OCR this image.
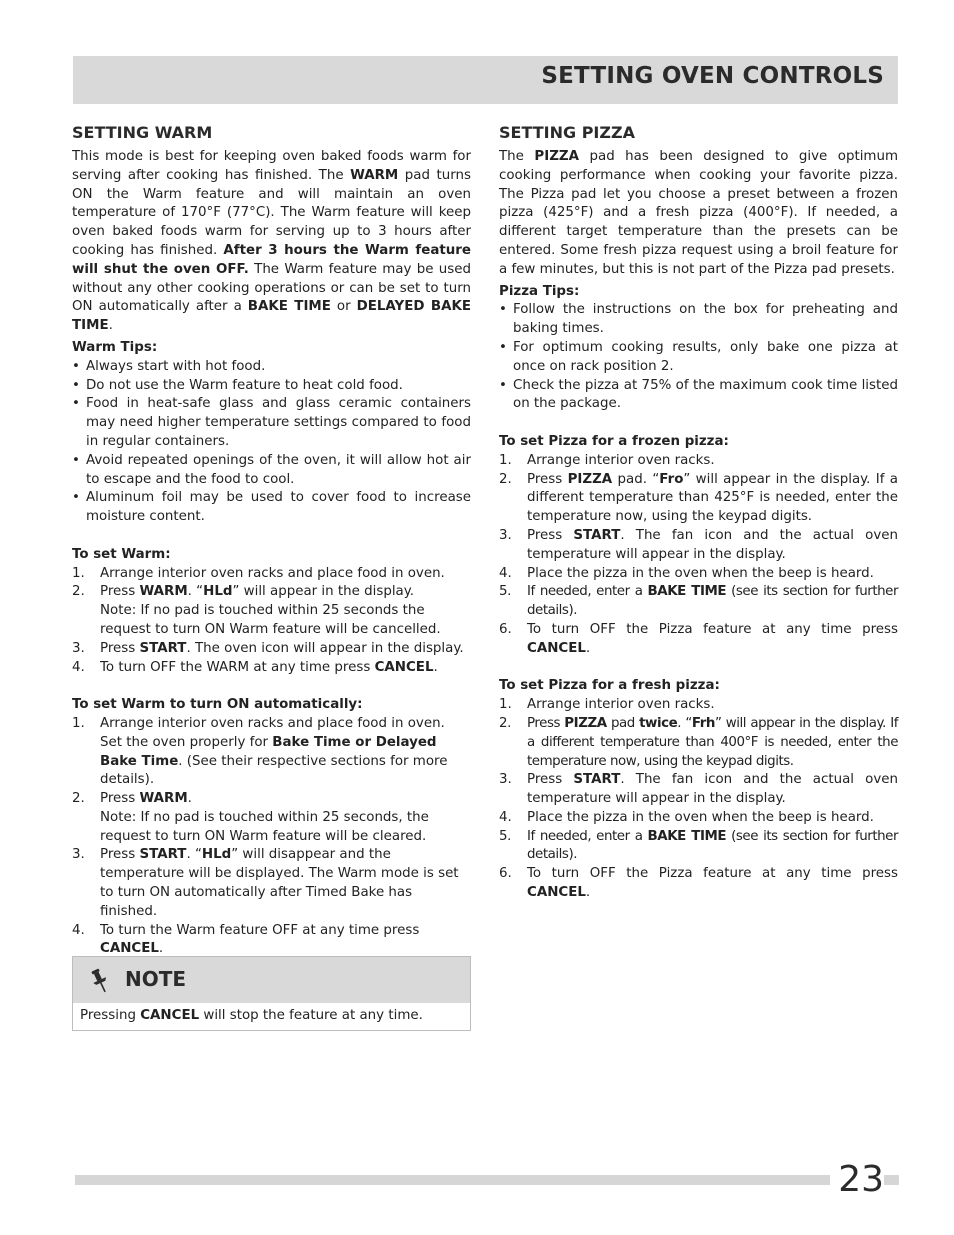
SETTING OVEN CONTROLS
SETTING WARM

This mode is best for keeping oven baked foods warm for serving after cooking has finished. The WARM pad turns ON the Warm feature and will maintain an oven temperature of 170°F (77°C). The Warm feature will keep oven baked foods warm for serving up to 3 hours after cooking has finished. After 3 hours the Warm feature will shut the oven OFF. The Warm feature may be used without any other cooking operations or can be set to turn ON automatically after a BAKE TIME or DELAYED BAKE TIME.

Warm Tips:
• Always start with hot food.
• Do not use the Warm feature to heat cold food.
• Food in heat-safe glass and glass ceramic containers may need higher temperature settings compared to food in regular containers.
• Avoid repeated openings of the oven, it will allow hot air to escape and the food to cool.
• Aluminum foil may be used to cover food to increase moisture content.
To set Warm:
1. Arrange interior oven racks and place food in oven.
2. Press WARM. “HLd” will appear in the display.
Note: If no pad is touched within 25 seconds the request to turn ON Warm feature will be cancelled.
3. Press START. The oven icon will appear in the display.
4. To turn OFF the WARM at any time press CANCEL.
To set Warm to turn ON automatically:
1. Arrange interior oven racks and place food in oven. Set the oven properly for Bake Time or Delayed Bake Time. (See their respective sections for more details).
2. Press WARM.
Note: If no pad is touched within 25 seconds, the request to turn ON Warm feature will be cleared.
3. Press START. “HLd” will disappear and the temperature will be displayed. The Warm mode is set to turn ON automatically after Timed Bake has finished.
4. To turn the Warm feature OFF at any time press CANCEL.
SETTING PIZZA

The PIZZA pad has been designed to give optimum cooking performance when cooking your favorite pizza. The Pizza pad let you choose a preset between a frozen pizza (425°F) and a fresh pizza (400°F). If needed, a different target temperature than the presets can be entered. Some fresh pizza request using a broil feature for a few minutes, but this is not part of the Pizza pad presets.

Pizza Tips:
• Follow the instructions on the box for preheating and baking times.
• For optimum cooking results, only bake one pizza at once on rack position 2.
• Check the pizza at 75% of the maximum cook time listed on the package.
To set Pizza for a frozen pizza:
1. Arrange interior oven racks.
2. Press PIZZA pad. “Fro” will appear in the display. If a different temperature than 425°F is needed, enter the temperature now, using the keypad digits.
3. Press START. The fan icon and the actual oven temperature will appear in the display.
4. Place the pizza in the oven when the beep is heard.
5. If needed, enter a BAKE TIME (see its section for further details).
6. To turn OFF the Pizza feature at any time press CANCEL.
To set Pizza for a fresh pizza:
1. Arrange interior oven racks.
2. Press PIZZA pad twice. “Frh” will appear in the display. If a different temperature than 400°F is needed, enter the temperature now, using the keypad digits.
3. Press START. The fan icon and the actual oven temperature will appear in the display.
4. Place the pizza in the oven when the beep is heard.
5. If needed, enter a BAKE TIME (see its section for further details).
6. To turn OFF the Pizza feature at any time press CANCEL.
NOTE
Pressing CANCEL will stop the feature at any time.
23
